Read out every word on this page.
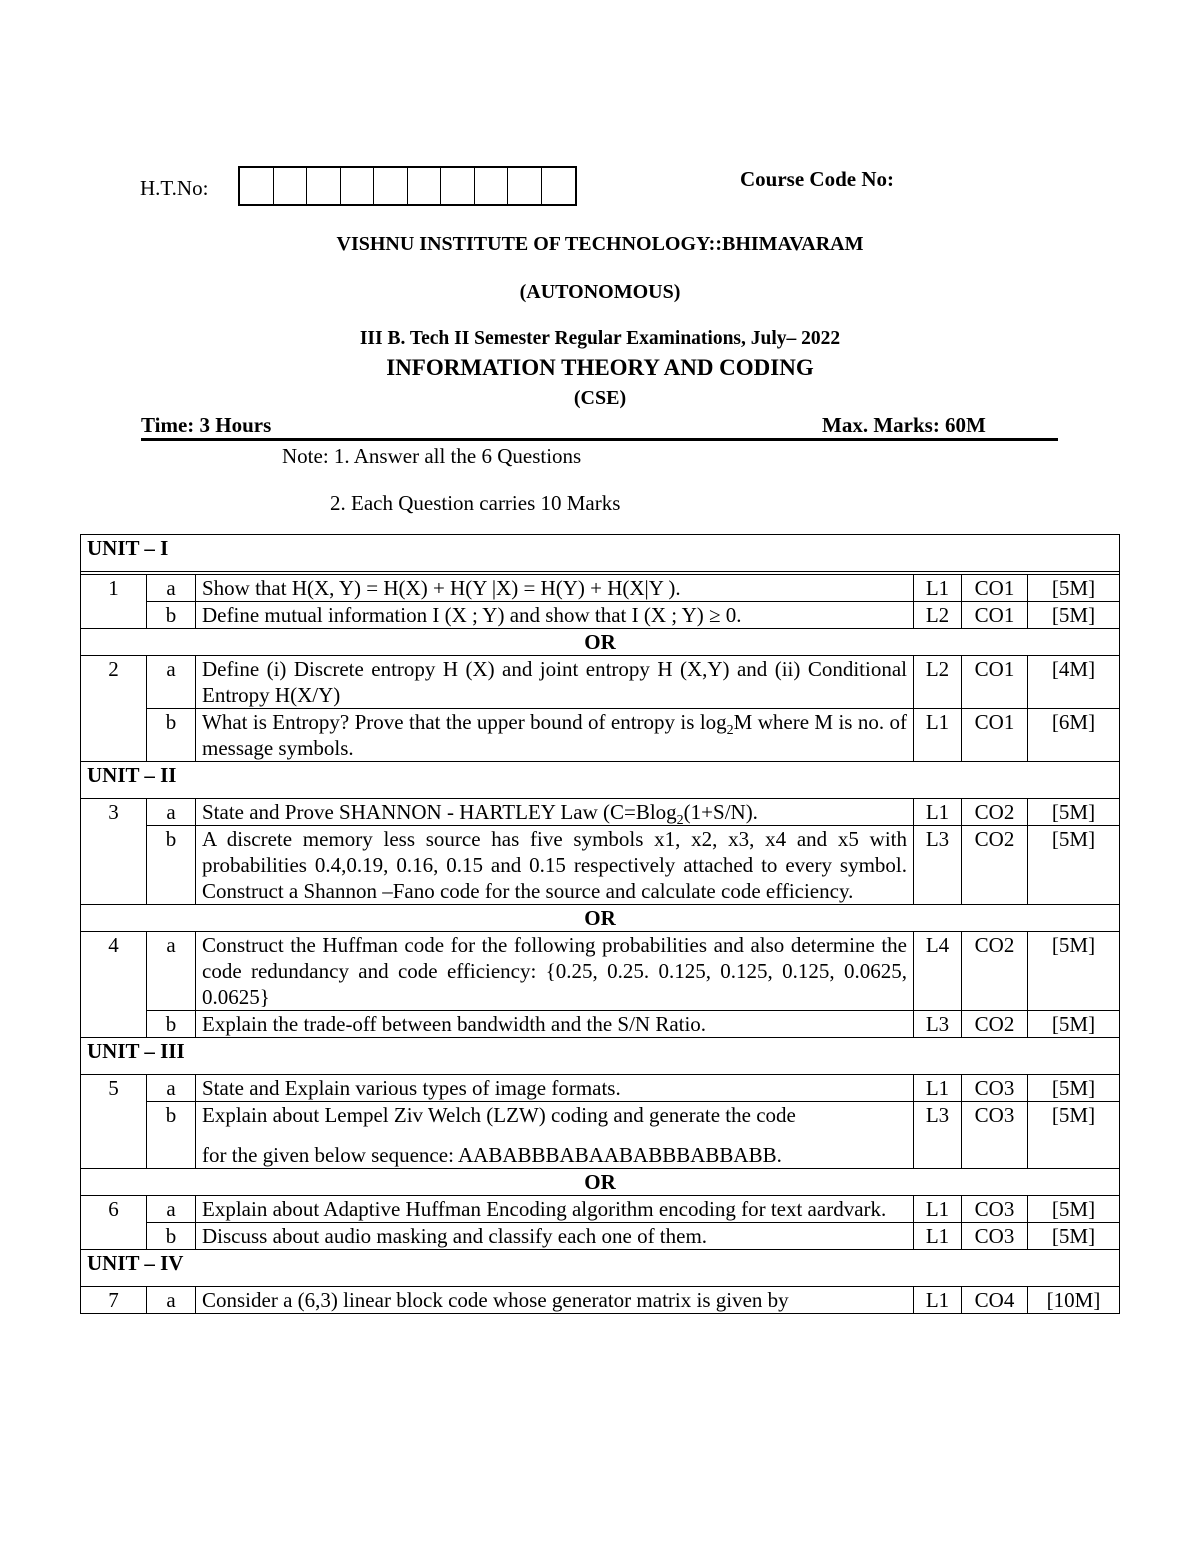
H.T.No:	Course Code No:
VISHNU INSTITUTE OF TECHNOLOGY::BHIMAVARAM
(AUTONOMOUS)
III B. Tech II Semester Regular Examinations, July– 2022
INFORMATION THEORY AND CODING
(CSE)
Time: 3 Hours	Max. Marks: 60M
Note: 1. Answer all the 6 Questions
2. Each Question carries 10 Marks
UNIT – I					

1	a	Show that H(X, Y) = H(X) + H(Y |X) = H(Y) + H(X|Y ).	L1	CO1	[5M]
	b	Define mutual information I (X ; Y) and show that I (X ; Y) ≥ 0.	L2	CO1	[5M]
OR					
2	a	Define (i) Discrete entropy H (X) and joint entropy H (X,Y) and (ii) Conditional Entropy H(X/Y)	L2	CO1	[4M]
	b	What is Entropy? Prove that the upper bound of entropy is $\log_2M$ where M is no. of message symbols.	L1	CO1	[6M]
UNIT – II					
3	a	State and Prove SHANNON - HARTLEY Law (C=Blog$_2$(1+S/N).	L1	CO2	[5M]
	b	A discrete memory less source has five symbols x1, x2, x3, x4 and x5 with probabilities 0.4,0.19, 0.16, 0.15 and 0.15 respectively attached to every symbol. Construct a Shannon –Fano code for the source and calculate code efficiency.	L3	CO2	[5M]
OR					
4	a	Construct the Huffman code for the following probabilities and also determine the code redundancy and code efficiency: {0.25, 0.25. 0.125, 0.125, 0.125, 0.0625, 0.0625}	L4	CO2	[5M]
	b	Explain the trade-off between bandwidth and the S/N Ratio.	L3	CO2	[5M]
UNIT – III					
5	a	State and Explain various types of image formats.	L1	CO3	[5M]
	b	Explain about Lempel Ziv Welch (LZW) coding and generate the code
for the given below sequence: AABABBBABAABABBBABBABB.	L3	CO3	[5M]
OR					
6	a	Explain about Adaptive Huffman Encoding algorithm encoding for text aardvark.	L1	CO3	[5M]
	b	Discuss about audio masking and classify each one of them.	L1	CO3	[5M]
UNIT – IV					
7	a	Consider a (6,3) linear block code whose generator matrix is given by	L1	CO4	[10M]
